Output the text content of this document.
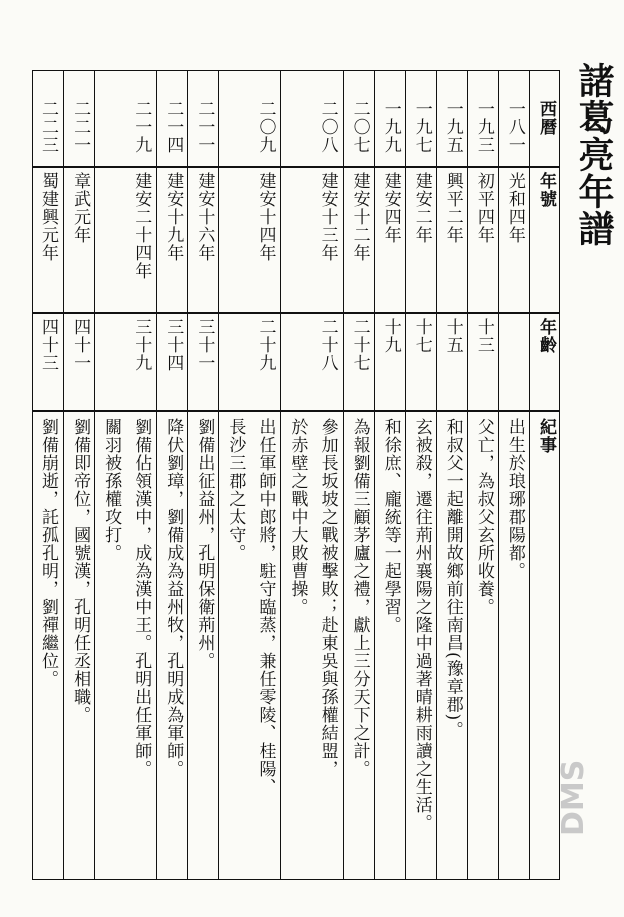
諸葛亮年譜
西曆
年號
年齡
紀事
一八一
光和四年
出生於琅琊郡陽都。
一九三
初平四年
十三
父亡，為叔父玄所收養。
一九五
興平二年
十五
和叔父一起離開故鄉前往南昌(豫章郡)。
一九七
建安二年
十七
玄被殺，遷往荊州襄陽之隆中過著晴耕雨讀之生活。
一九九
建安四年
十九
和徐庶、龐統等一起學習。
二〇七
建安十二年
二十七
為報劉備三顧茅廬之禮，獻上三分天下之計。
二〇八
建安十三年
二十八
參加長坂坡之戰被擊敗；赴東吳與孫權結盟，
於赤壁之戰中大敗曹操。
二〇九
建安十四年
二十九
出任軍師中郎將，駐守臨蒸，兼任零陵、桂陽、
長沙三郡之太守。
二一一
建安十六年
三十一
劉備出征益州，孔明保衛荊州。
二一四
建安十九年
三十四
降伏劉璋，劉備成為益州牧，孔明成為軍師。
二一九
建安二十四年
三十九
劉備佔領漢中，成為漢中王。孔明出任軍師。
關羽被孫權攻打。
二二一
章武元年
四十一
劉備即帝位，國號漢，孔明任丞相職。
二二三
蜀建興元年
四十三
劉備崩逝，託孤孔明，劉禪繼位。
DMS
